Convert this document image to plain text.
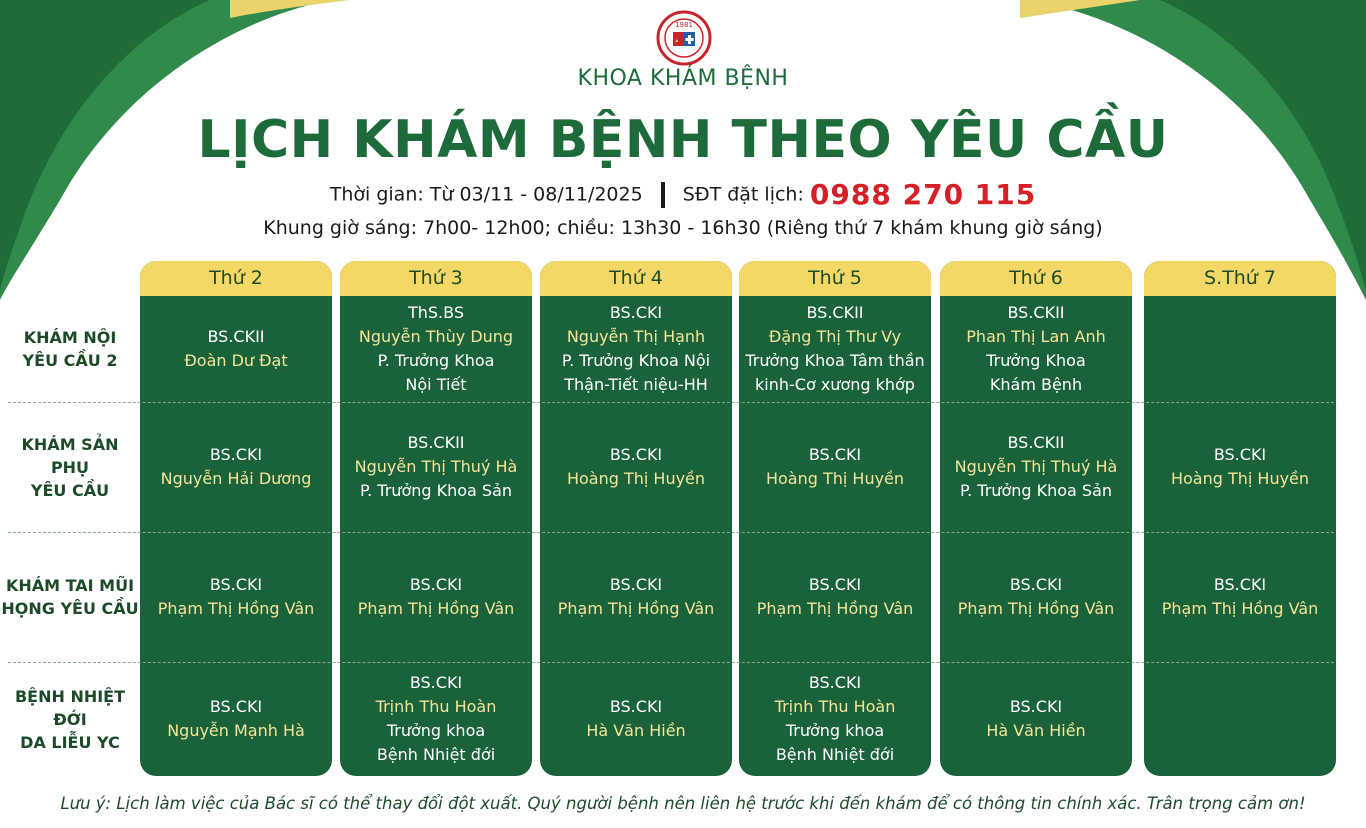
1981
KHOA KHÁM BỆNH
LỊCH KHÁM BỆNH THEO YÊU CẦU
Thời gian: Từ 03/11 - 08/11/2025 SĐT đặt lịch: 0988 270 115
Khung giờ sáng: 7h00- 12h00; chiều: 13h30 - 16h30 (Riêng thứ 7 khám khung giờ sáng)
KHÁM NỘI
YÊU CẦU 2
KHÁM SẢN PHỤ
YÊU CẦU
KHÁM TAI MŨI
HỌNG YÊU CẦU
BỆNH NHIỆT ĐỚI
DA LIỄU YC
Thứ 2
BS.CKII
Đoàn Dư Đạt
BS.CKI
Nguyễn Hải Dương
BS.CKI
Phạm Thị Hồng Vân
BS.CKI
Nguyễn Mạnh Hà
Thứ 3
ThS.BS
Nguyễn Thùy Dung
P. Trưởng Khoa
Nội Tiết
BS.CKII
Nguyễn Thị Thuý Hà
P. Trưởng Khoa Sản
BS.CKI
Phạm Thị Hồng Vân
BS.CKI
Trịnh Thu Hoàn
Trưởng khoa
Bệnh Nhiệt đới
Thứ 4
BS.CKI
Nguyễn Thị Hạnh
P. Trưởng Khoa Nội
Thận-Tiết niệu-HH
BS.CKI
Hoàng Thị Huyền
BS.CKI
Phạm Thị Hồng Vân
BS.CKI
Hà Văn Hiền
Thứ 5
BS.CKII
Đặng Thị Thư Vy
Trưởng Khoa Tâm thần
kinh-Cơ xương khớp
BS.CKI
Hoàng Thị Huyền
BS.CKI
Phạm Thị Hồng Vân
BS.CKI
Trịnh Thu Hoàn
Trưởng khoa
Bệnh Nhiệt đới
Thứ 6
BS.CKII
Phan Thị Lan Anh
Trưởng Khoa
Khám Bệnh
BS.CKII
Nguyễn Thị Thuý Hà
P. Trưởng Khoa Sản
BS.CKI
Phạm Thị Hồng Vân
BS.CKI
Hà Văn Hiền
S.Thứ 7
BS.CKI
Hoàng Thị Huyền
BS.CKI
Phạm Thị Hồng Vân
Lưu ý: Lịch làm việc của Bác sĩ có thể thay đổi đột xuất. Quý người bệnh nên liên hệ trước khi đến khám để có thông tin chính xác. Trân trọng cảm ơn!
